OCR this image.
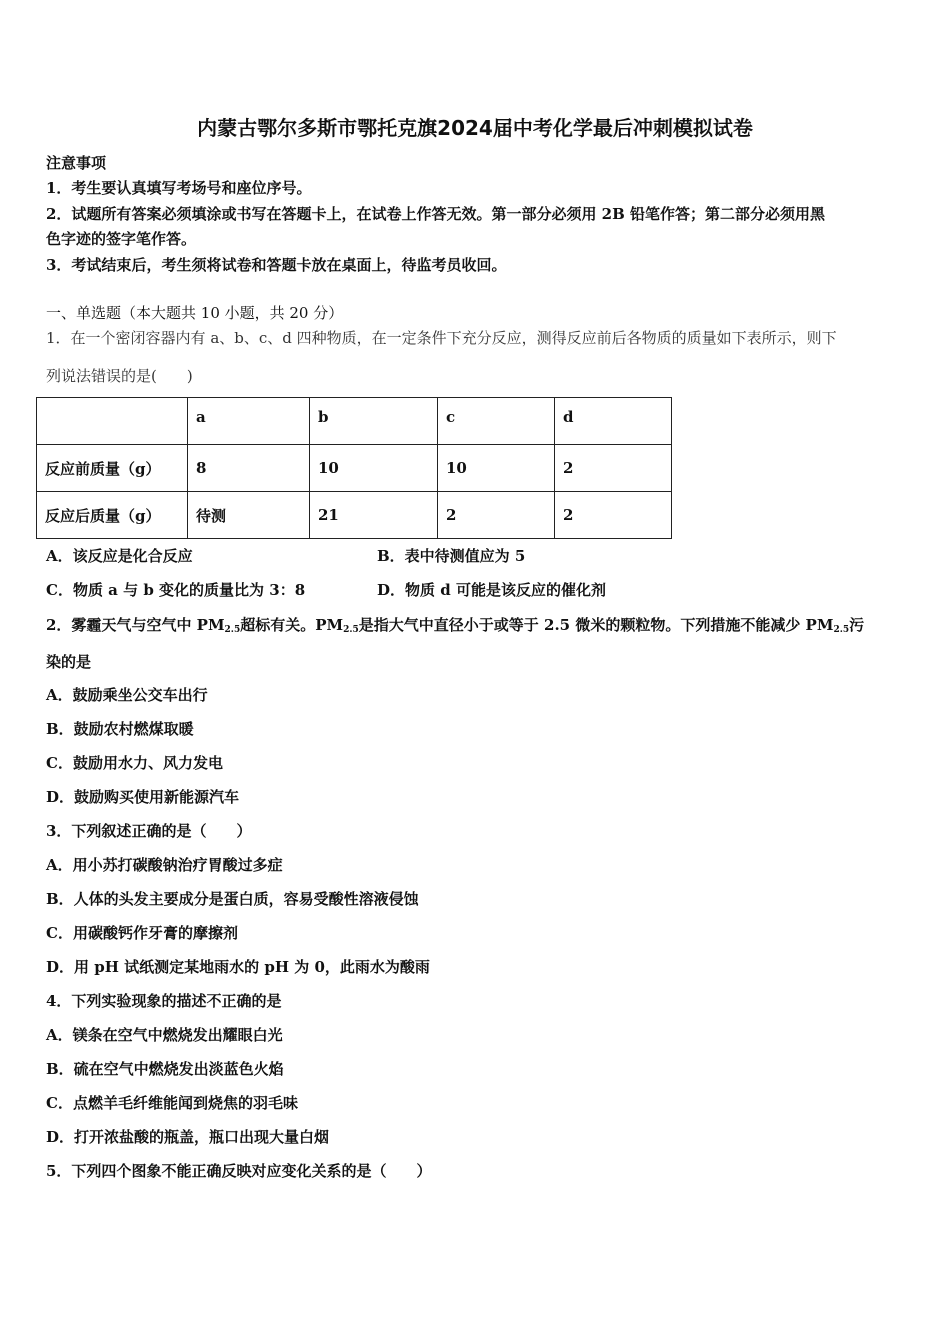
内蒙古鄂尔多斯市鄂托克旗2024届中考化学最后冲刺模拟试卷
注意事项
1．考生要认真填写考场号和座位序号。
2．试题所有答案必须填涂或书写在答题卡上，在试卷上作答无效。第一部分必须用 2B 铅笔作答；第二部分必须用黑
色字迹的签字笔作答。
3．考试结束后，考生须将试卷和答题卡放在桌面上，待监考员收回。
一、单选题（本大题共 10 小题，共 20 分）
1．在一个密闭容器内有 a、b、c、d 四种物质，在一定条件下充分反应，测得反应前后各物质的质量如下表所示，则下
列说法错误的是(　　)
	a	b	c	d
反应前质量（g）	8	10	10	2
反应后质量（g）	待测	21	2	2
A．该反应是化合反应	B．表中待测值应为 5
C．物质 a 与 b 变化的质量比为 3：8	D．物质 d 可能是该反应的催化剂
2．雾霾天气与空气中 $PM_{2.5}$超标有关。$PM_{2.5}$是指大气中直径小于或等于 2.5 微米的颗粒物。下列措施不能减少 $PM_{2.5}$污
染的是
A．鼓励乘坐公交车出行
B．鼓励农村燃煤取暖
C．鼓励用水力、风力发电
D．鼓励购买使用新能源汽车
3．下列叙述正确的是（　　）
A．用小苏打碳酸钠治疗胃酸过多症
B．人体的头发主要成分是蛋白质，容易受酸性溶液侵蚀
C．用碳酸钙作牙膏的摩擦剂
D．用 pH 试纸测定某地雨水的 pH 为 0，此雨水为酸雨
4．下列实验现象的描述不正确的是
A．镁条在空气中燃烧发出耀眼白光
B．硫在空气中燃烧发出淡蓝色火焰
C．点燃羊毛纤维能闻到烧焦的羽毛味
D．打开浓盐酸的瓶盖，瓶口出现大量白烟
5．下列四个图象不能正确反映对应变化关系的是（　　）
